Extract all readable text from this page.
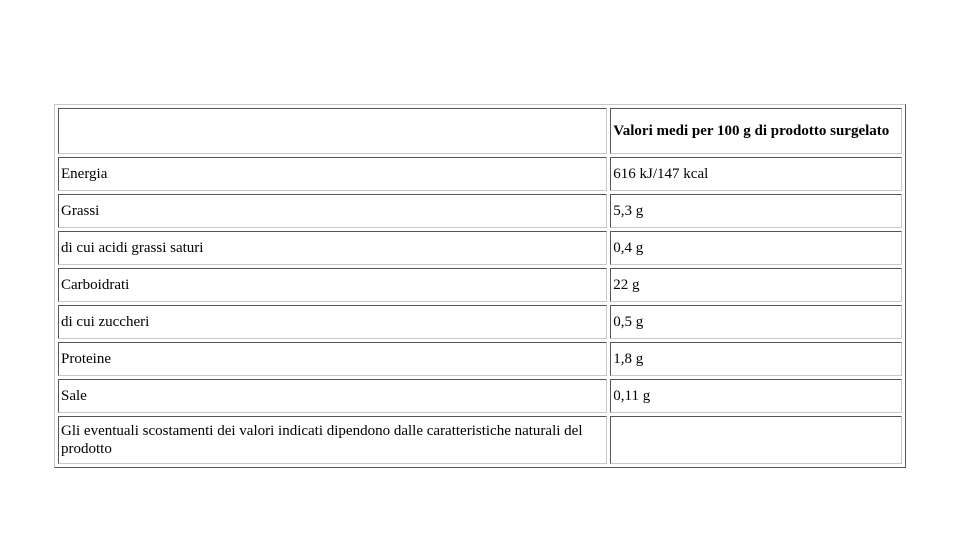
	Valori medi per 100 g di prodotto surgelato
Energia	616 kJ/147 kcal
Grassi	5,3 g
di cui acidi grassi saturi	0,4 g
Carboidrati	22 g
di cui zuccheri	0,5 g
Proteine	1,8 g
Sale	0,11 g
Gli eventuali scostamenti dei valori indicati dipendono dalle caratteristiche naturali del prodotto	
